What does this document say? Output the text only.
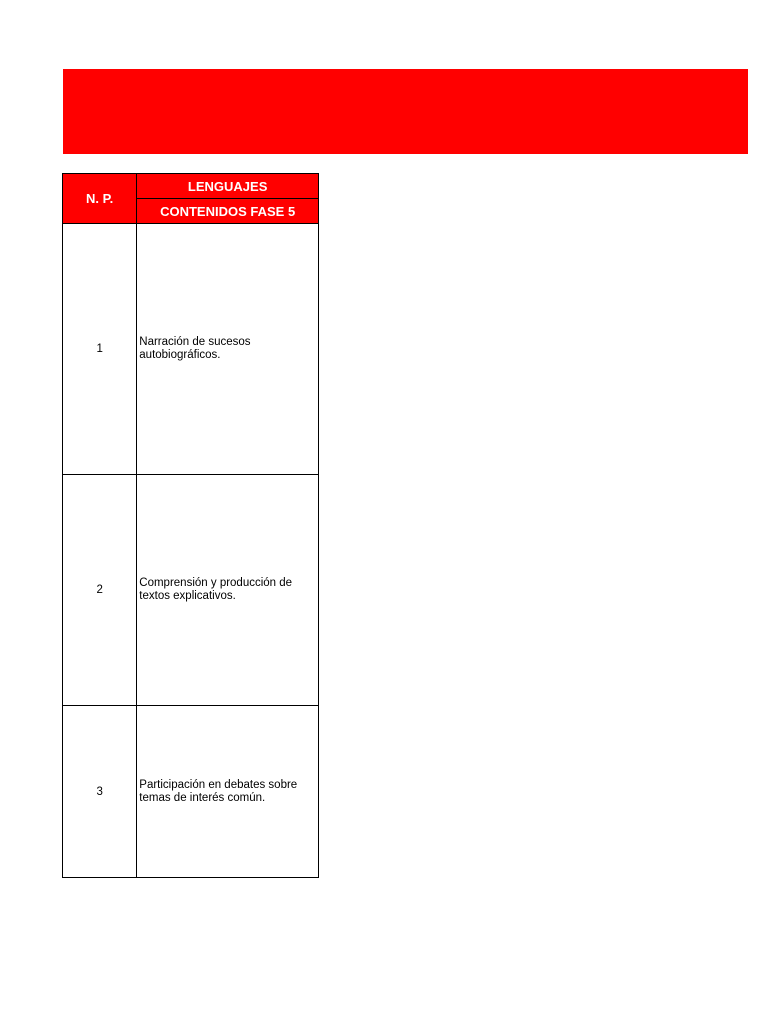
N. P.	LENGUAJES
	CONTENIDOS FASE 5
1	Narración de sucesos autobiográficos.
2	Comprensión y producción de textos explicativos.
3	Participación en debates sobre temas de interés común.
